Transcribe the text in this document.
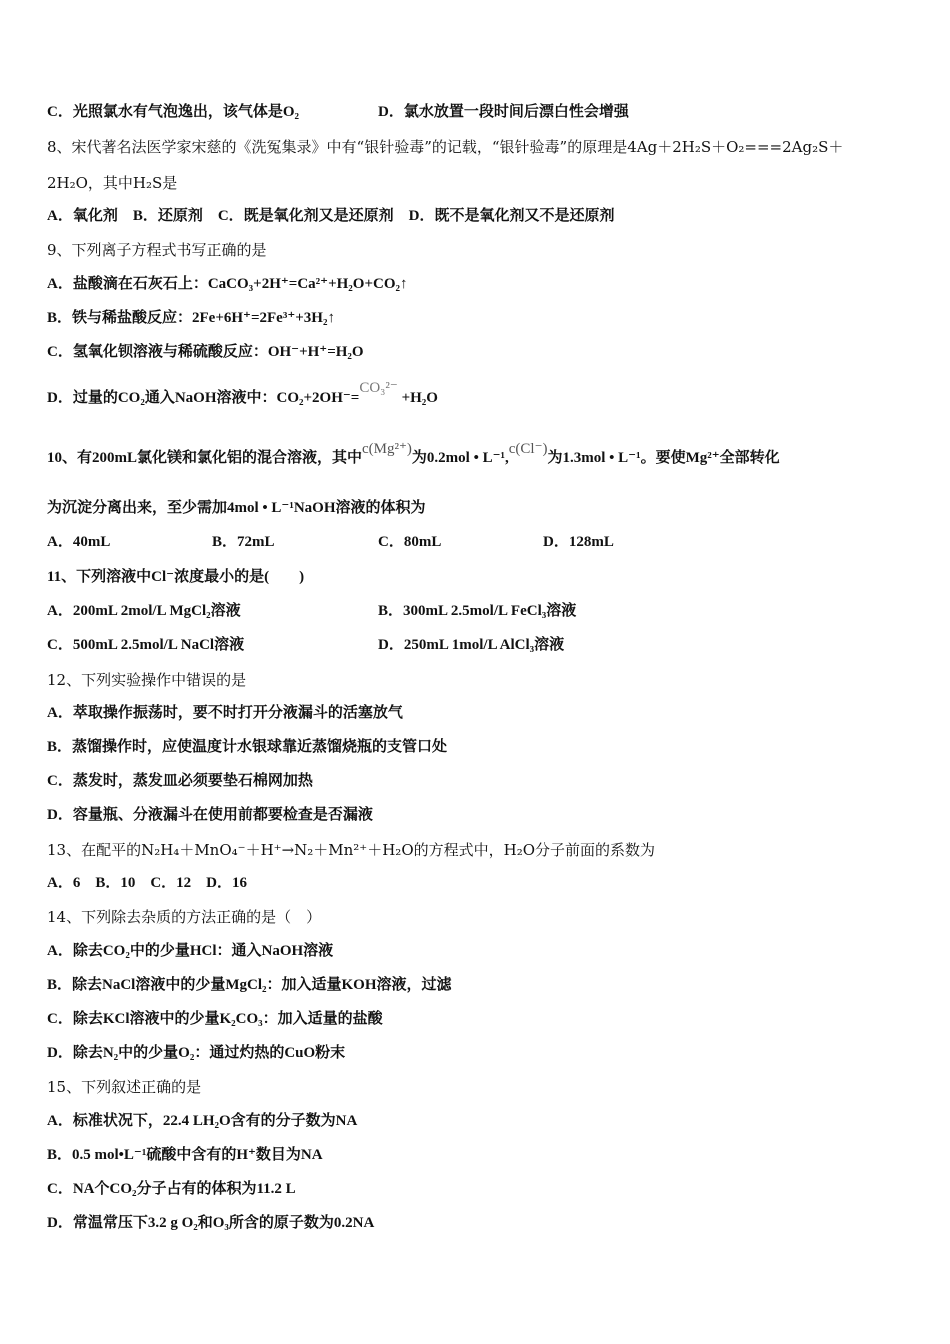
C．光照氯水有气泡逸出，该气体是O₂	D．氯水放置一段时间后漂白性会增强
8、宋代著名法医学家宋慈的《洗冤集录》中有“银针验毒”的记载，“银针验毒”的原理是4Ag＋2H₂S＋O₂===2Ag₂S＋
2H₂O，其中H₂S是
A．氧化剂　B．还原剂　C．既是氧化剂又是还原剂　D．既不是氧化剂又不是还原剂
9、下列离子方程式书写正确的是
A．盐酸滴在石灰石上：CaCO₃+2H⁺=Ca²⁺+H₂O+CO₂↑
B．铁与稀盐酸反应：2Fe+6H⁺=2Fe³⁺+3H₂↑
C．氢氧化钡溶液与稀硫酸反应：OH⁻+H⁺=H₂O
D．过量的CO₂通入NaOH溶液中：CO₂+2OH⁻=CO₃²⁻ +H₂O
10、有200mL氯化镁和氯化铝的混合溶液，其中c(Mg²⁺)为0.2mol • L⁻¹,c(Cl⁻)为1.3mol • L⁻¹。要使Mg²⁺全部转化
为沉淀分离出来，至少需加4mol • L⁻¹NaOH溶液的体积为
A．40mL	B．72mL	C．80mL	D．128mL
11、下列溶液中Cl⁻浓度最小的是(　　)
A．200mL 2mol/L MgCl₂溶液	B．300mL 2.5mol/L FeCl₃溶液
C．500mL 2.5mol/L NaCl溶液	D．250mL 1mol/L AlCl₃溶液
12、下列实验操作中错误的是
A．萃取操作振荡时，要不时打开分液漏斗的活塞放气
B．蒸馏操作时，应使温度计水银球靠近蒸馏烧瓶的支管口处
C．蒸发时，蒸发皿必须要垫石棉网加热
D．容量瓶、分液漏斗在使用前都要检查是否漏液
13、在配平的N₂H₄＋MnO₄⁻＋H⁺→N₂＋Mn²⁺＋H₂O的方程式中，H₂O分子前面的系数为
A．6　B．10　C．12　D．16
14、下列除去杂质的方法正确的是（　）
A．除去CO₂中的少量HCl：通入NaOH溶液
B．除去NaCl溶液中的少量MgCl₂：加入适量KOH溶液，过滤
C．除去KCl溶液中的少量K₂CO₃：加入适量的盐酸
D．除去N₂中的少量O₂：通过灼热的CuO粉末
15、下列叙述正确的是
A．标准状况下，22.4 LH₂O含有的分子数为NA
B．0.5 mol•L⁻¹硫酸中含有的H⁺数目为NA
C．NA个CO₂分子占有的体积为11.2 L
D．常温常压下3.2 g O₂和O₃所含的原子数为0.2NA
